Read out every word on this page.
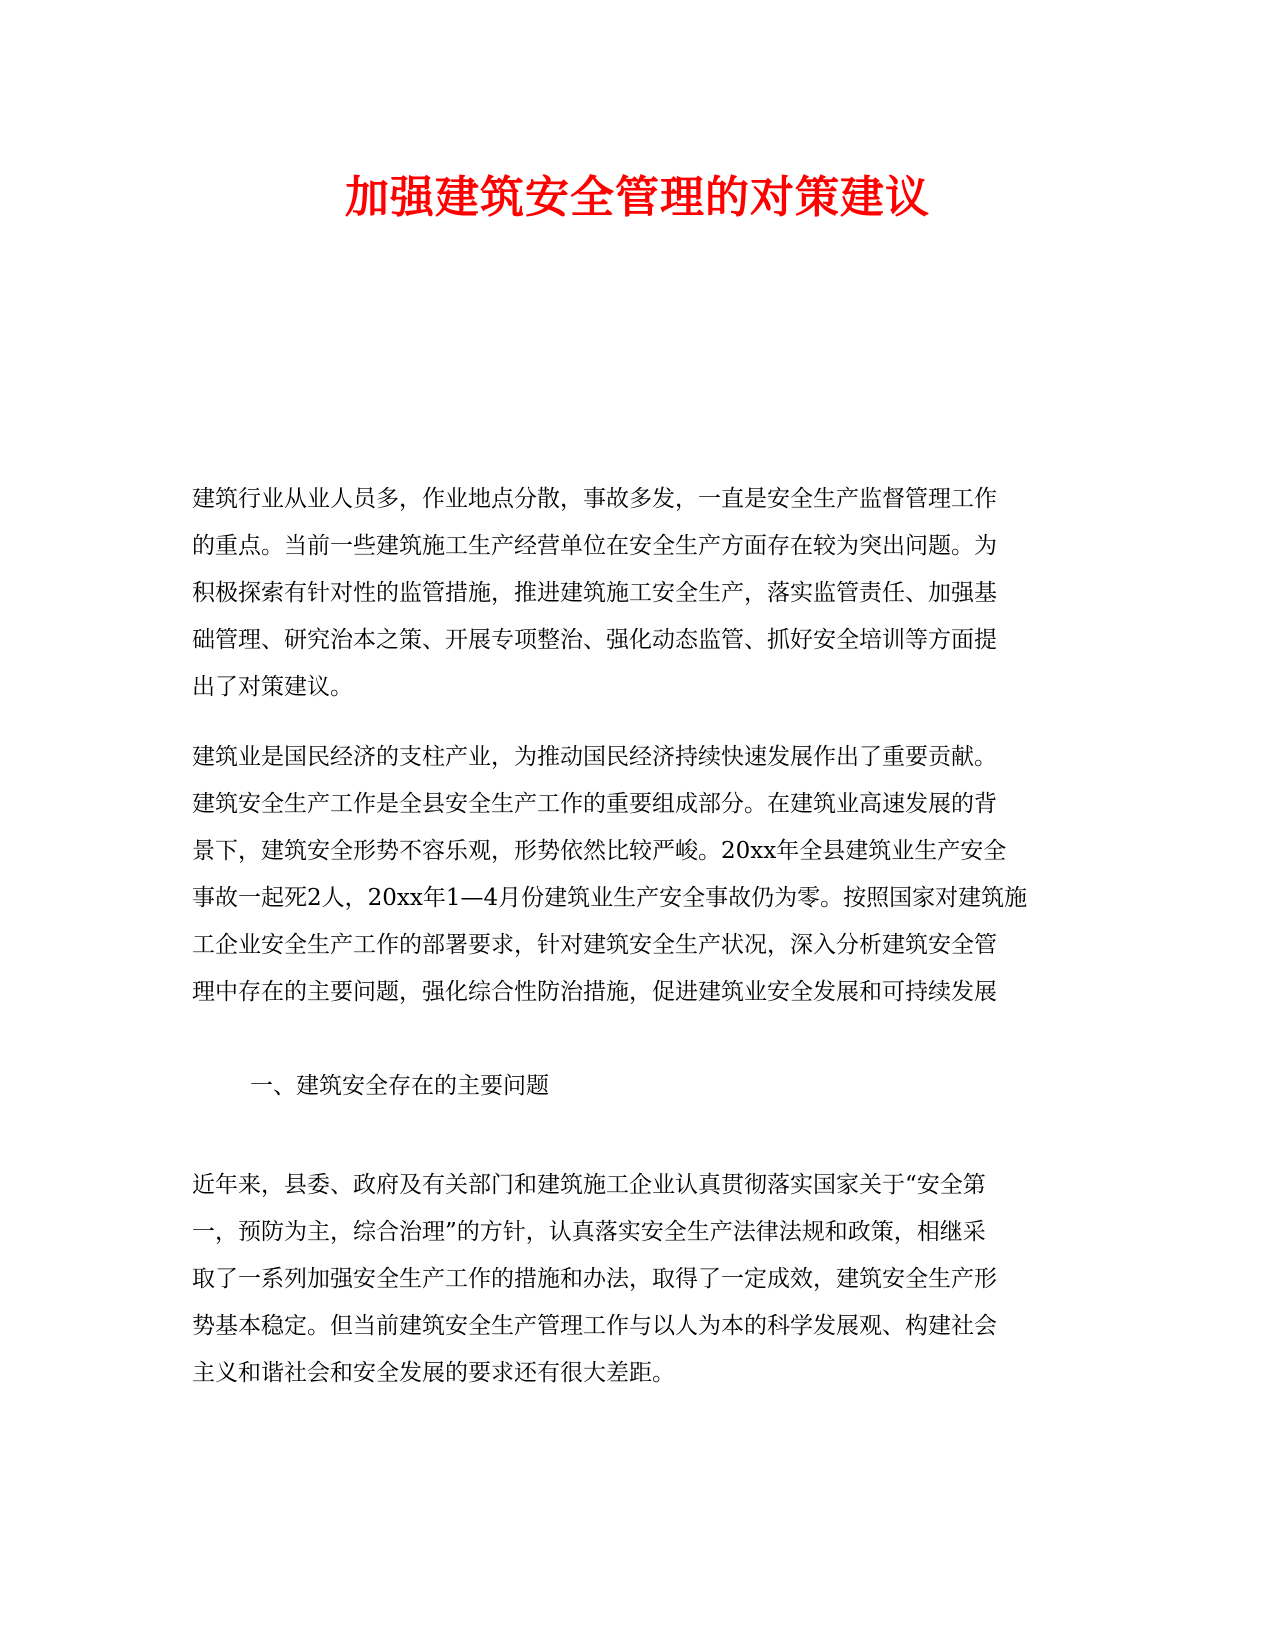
加强建筑安全管理的对策建议
建筑行业从业人员多，作业地点分散，事故多发，一直是安全生产监督管理工作
的重点。当前一些建筑施工生产经营单位在安全生产方面存在较为突出问题。为
积极探索有针对性的监管措施，推进建筑施工安全生产，落实监管责任、加强基
础管理、研究治本之策、开展专项整治、强化动态监管、抓好安全培训等方面提
出了对策建议。
建筑业是国民经济的支柱产业，为推动国民经济持续快速发展作出了重要贡献。
建筑安全生产工作是全县安全生产工作的重要组成部分。在建筑业高速发展的背
景下，建筑安全形势不容乐观，形势依然比较严峻。20xx年全县建筑业生产安全
事故一起死2人，20xx年1—4月份建筑业生产安全事故仍为零。按照国家对建筑施
工企业安全生产工作的部署要求，针对建筑安全生产状况，深入分析建筑安全管
理中存在的主要问题，强化综合性防治措施，促进建筑业安全发展和可持续发展
一、建筑安全存在的主要问题
近年来，县委、政府及有关部门和建筑施工企业认真贯彻落实国家关于“安全第
一，预防为主，综合治理”的方针，认真落实安全生产法律法规和政策，相继采
取了一系列加强安全生产工作的措施和办法，取得了一定成效，建筑安全生产形
势基本稳定。但当前建筑安全生产管理工作与以人为本的科学发展观、构建社会
主义和谐社会和安全发展的要求还有很大差距。
